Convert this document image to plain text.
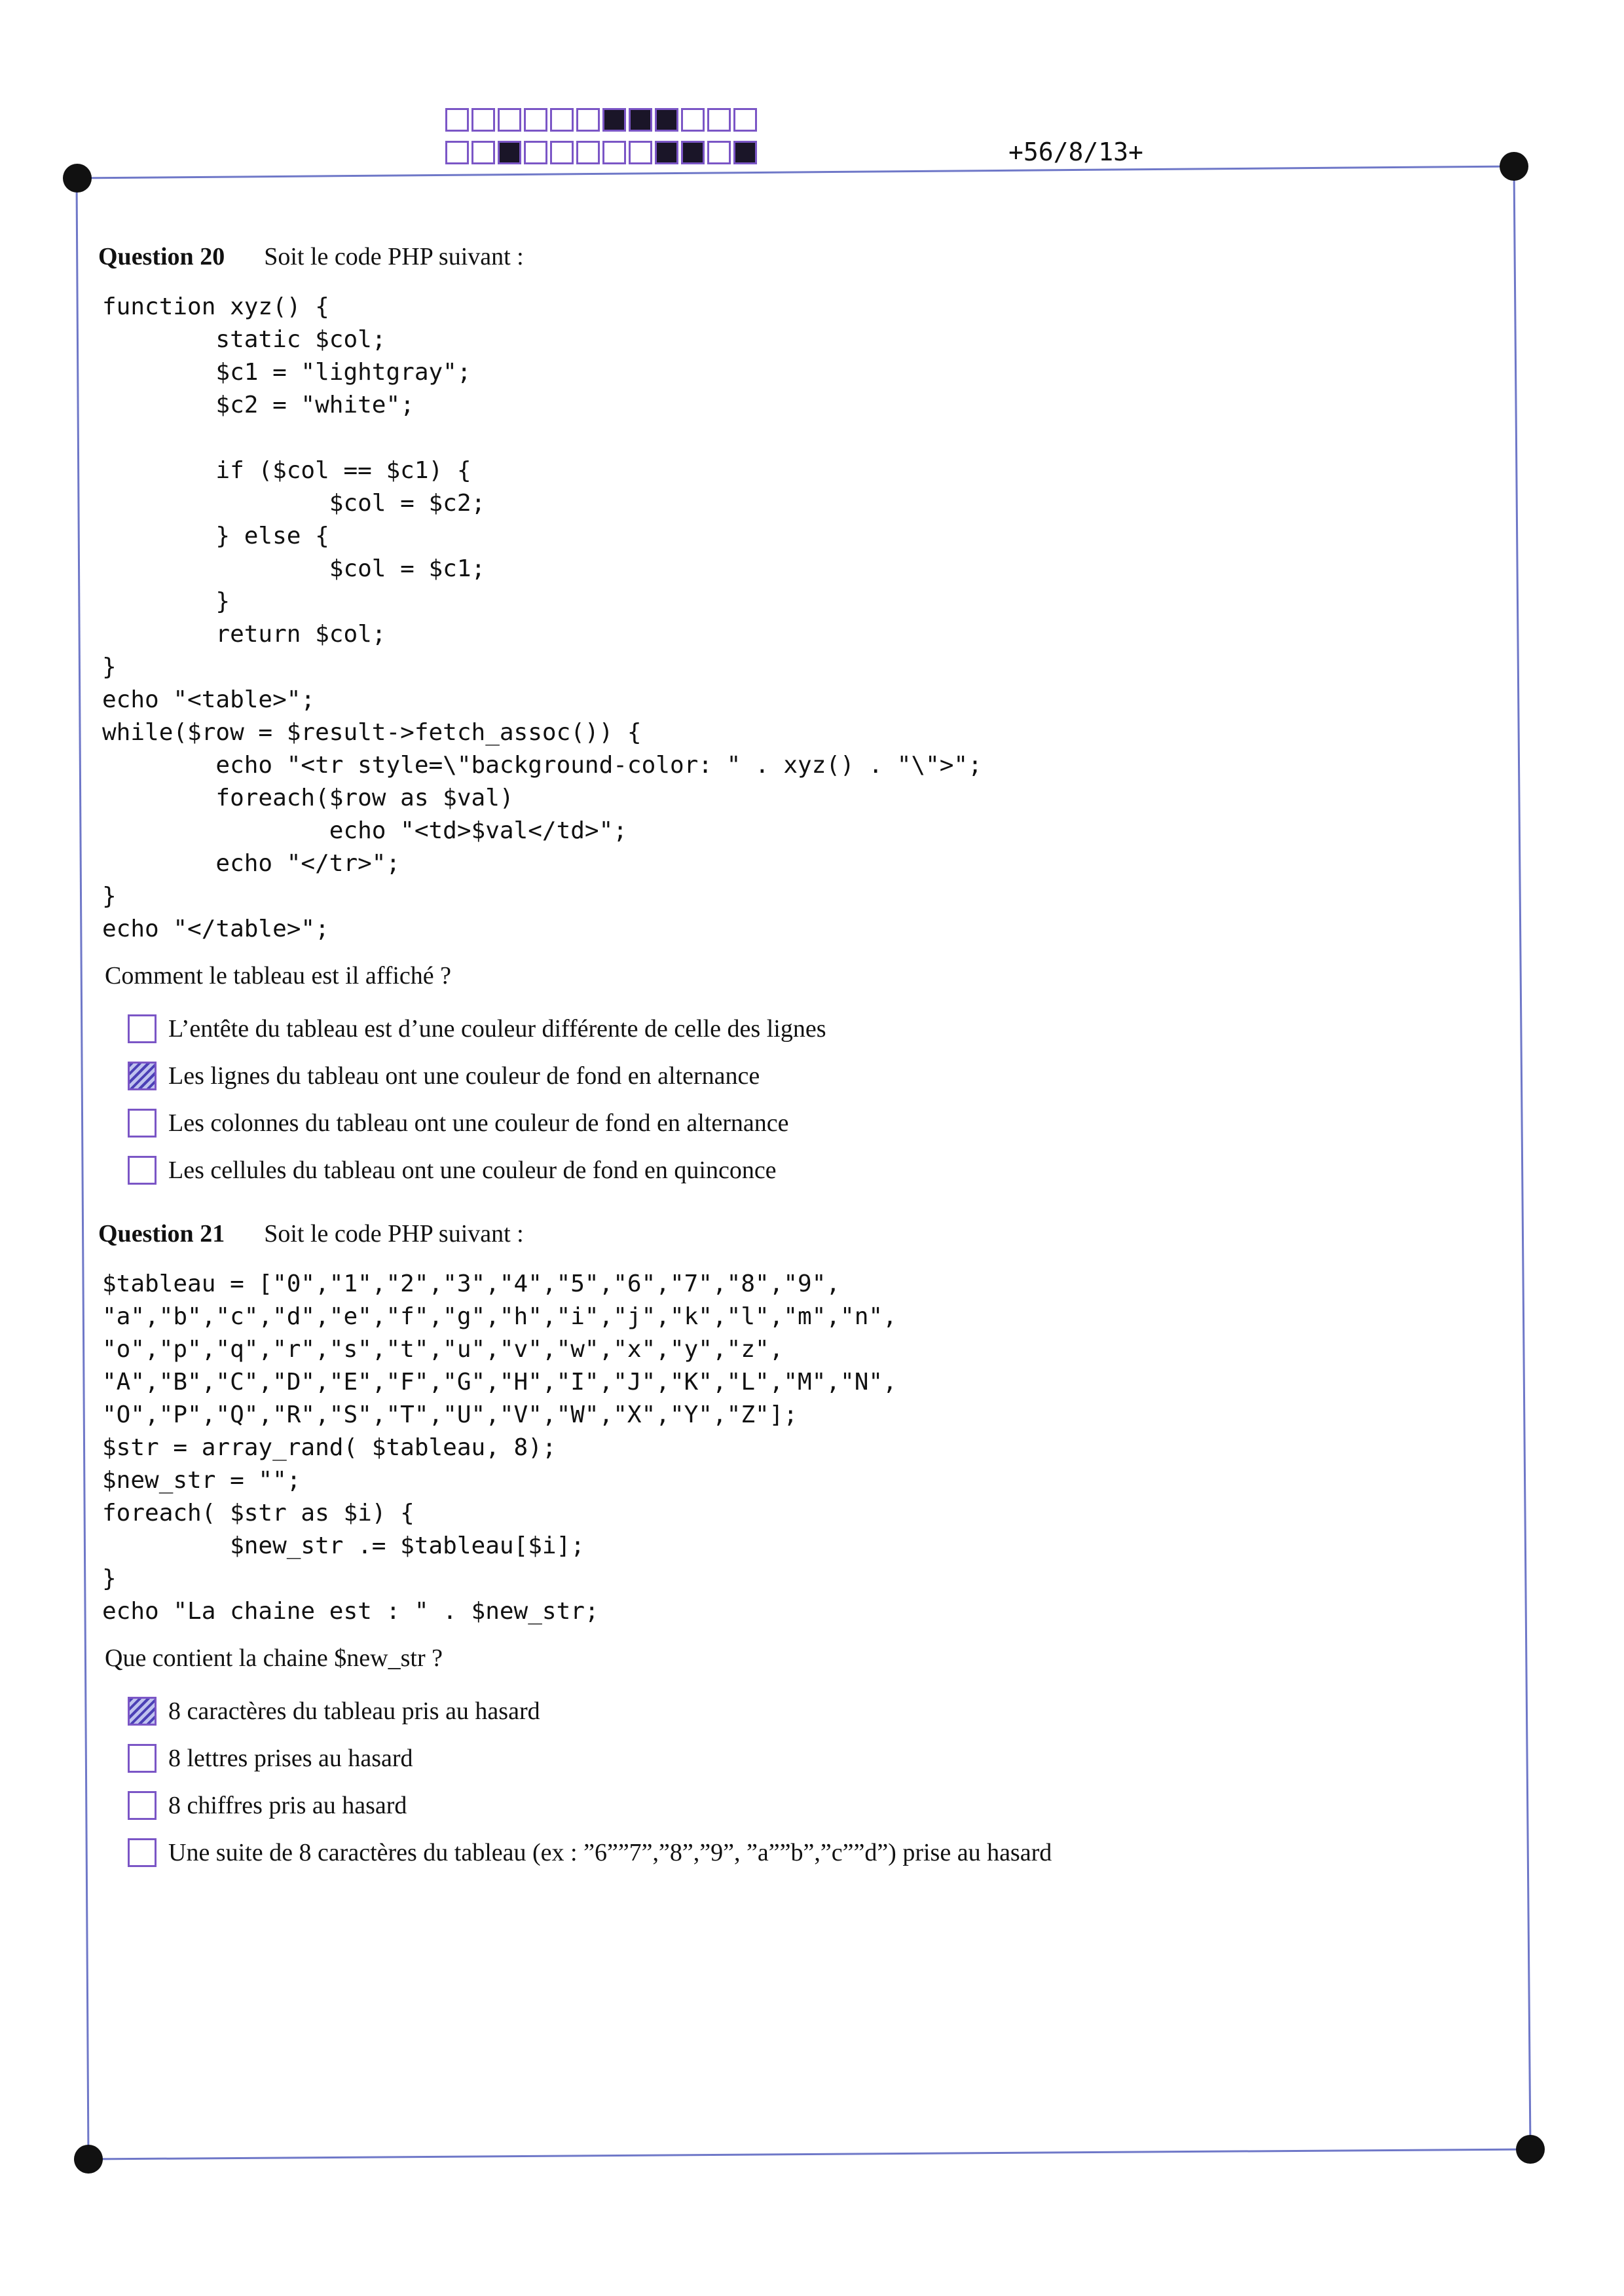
+56/8/13+
Question 20 Soit le code PHP suivant :
function xyz() {
static $col;
$c1 = "lightgray";
$c2 = "white";

if ($col == $c1) {
$col = $c2;
} else {
$col = $c1;
}
return $col;
}
echo "<table>";
while($row = $result->fetch_assoc()) {
echo "<tr style=\"background-color: " . xyz() . "\">";
foreach($row as $val)
echo "<td>$val</td>";
echo "</tr>";
}
echo "</table>";
Comment le tableau est il affiché ?
L’entête du tableau est d’une couleur différente de celle des lignes
Les lignes du tableau ont une couleur de fond en alternance
Les colonnes du tableau ont une couleur de fond en alternance
Les cellules du tableau ont une couleur de fond en quinconce
Question 21 Soit le code PHP suivant :
$tableau = ["0","1","2","3","4","5","6","7","8","9",
"a","b","c","d","e","f","g","h","i","j","k","l","m","n",
"o","p","q","r","s","t","u","v","w","x","y","z",
"A","B","C","D","E","F","G","H","I","J","K","L","M","N",
"O","P","Q","R","S","T","U","V","W","X","Y","Z"];
$str = array_rand( $tableau, 8);
$new_str = "";
foreach( $str as $i) {
$new_str .= $tableau[$i];
}
echo "La chaine est : " . $new_str;
Que contient la chaine $new_str ?
8 caractères du tableau pris au hasard
8 lettres prises au hasard
8 chiffres pris au hasard
Une suite de 8 caractères du tableau (ex : ”6””7”,”8”,”9”, ”a””b”,”c””d”) prise au hasard
